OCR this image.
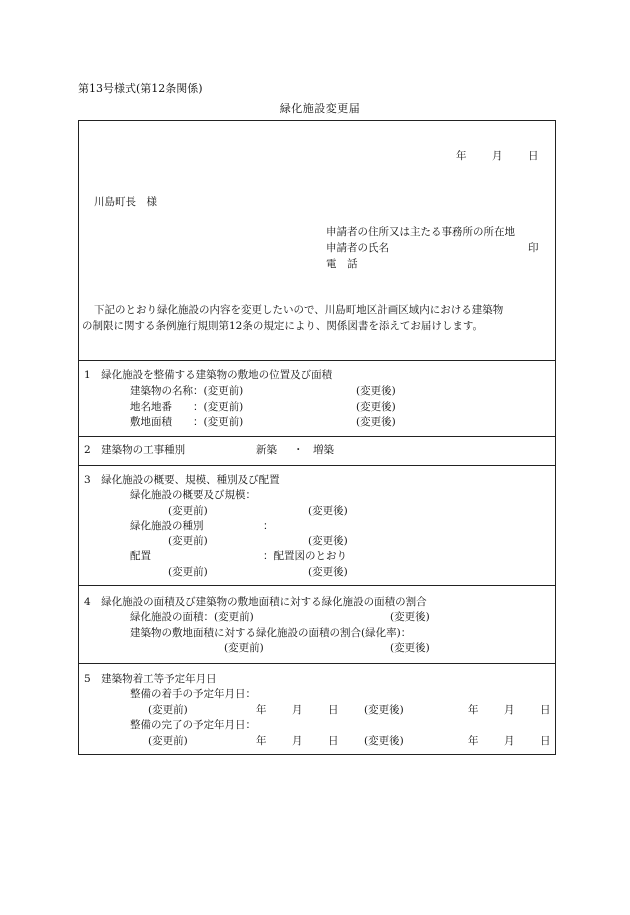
第13号様式(第12条関係)
緑化施設変更届
年 月 日
川島町長　様
申請者の住所又は主たる事務所の所在地
申請者の氏名	印
電　話
下記のとおり緑化施設の内容を変更したいので、川島町地区計画区域内における建築物
の制限に関する条例施行規則第12条の規定により、関係図書を添えてお届けします。
1　緑化施設を整備する建築物の敷地の位置及び面積
建築物の名称：(変更前)	(変更後)
地名地番　　：(変更前)	(変更後)
敷地面積　　：(変更前)	(変更後)
2　建築物の工事種別	新築 ・ 増築
3　緑化施設の概要、規模、種別及び配置
緑化施設の概要及び規模：
(変更前)	(変更後)
緑化施設の種別	：
(変更前)	(変更後)
配置	：配置図のとおり
(変更前)	(変更後)
4　緑化施設の面積及び建築物の敷地面積に対する緑化施設の面積の割合
緑化施設の面積：(変更前)	(変更後)
建築物の敷地面積に対する緑化施設の面積の割合(緑化率)：
(変更前)	(変更後)
5　建築物着工等予定年月日
整備の着手の予定年月日：
(変更前)	年 月 日 (変更後)	年 月 日
整備の完了の予定年月日：
(変更前)	年 月 日 (変更後)	年 月 日
